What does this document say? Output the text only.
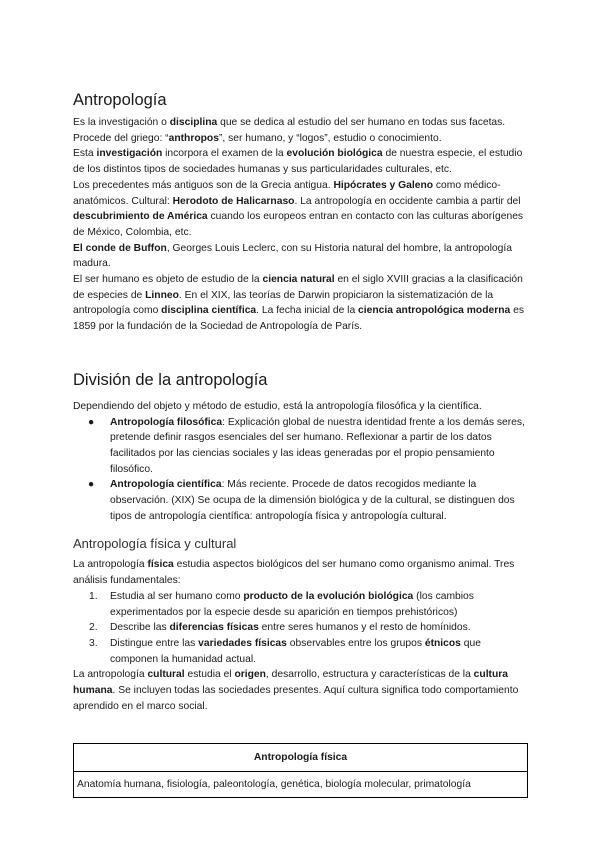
Antropología

Es la investigación o disciplina que se dedica al estudio del ser humano en todas sus facetas. Procede del griego: “anthropos”, ser humano, y “logos”, estudio o conocimiento.

Esta investigación incorpora el examen de la evolución biológica de nuestra especie, el estudio de los distintos tipos de sociedades humanas y sus particularidades culturales, etc.

Los precedentes más antiguos son de la Grecia antigua. Hipócrates y Galeno como médico-anatómicos. Cultural: Herodoto de Halicarnaso. La antropología en occidente cambia a partir del descubrimiento de América cuando los europeos entran en contacto con las culturas aborígenes de México, Colombia, etc.

El conde de Buffon, Georges Louis Leclerc, con su Historia natural del hombre, la antropología madura.

El ser humano es objeto de estudio de la ciencia natural en el siglo XVIII gracias a la clasificación de especies de Linneo. En el XIX, las teorías de Darwin propiciaron la sistematización de la antropología como disciplina científica. La fecha inicial de la ciencia antropológica moderna es 1859 por la fundación de la Sociedad de Antropología de París.

División de la antropología

Dependiendo del objeto y método de estudio, está la antropología filosófica y la científica.

● Antropología filosófica: Explicación global de nuestra identidad frente a los demás seres, pretende definir rasgos esenciales del ser humano. Reflexionar a partir de los datos facilitados por las ciencias sociales y las ideas generadas por el propio pensamiento filosófico.
● Antropología científica: Más reciente. Procede de datos recogidos mediante la observación. (XIX) Se ocupa de la dimensión biológica y de la cultural, se distinguen dos tipos de antropología científica: antropología física y antropología cultural.
Antropología física y cultural

La antropología física estudia aspectos biológicos del ser humano como organismo animal. Tres análisis fundamentales:

1. Estudia al ser humano como producto de la evolución biológica (los cambios experimentados por la especie desde su aparición en tiempos prehistóricos)
2. Describe las diferencias físicas entre seres humanos y el resto de homínidos.
3. Distingue entre las variedades físicas observables entre los grupos étnicos que componen la humanidad actual.

La antropología cultural estudia el origen, desarrollo, estructura y características de la cultura humana. Se incluyen todas las sociedades presentes. Aquí cultura significa todo comportamiento aprendido en el marco social.

Antropología física
Anatomía humana, fisiología, paleontología, genética, biología molecular, primatología
